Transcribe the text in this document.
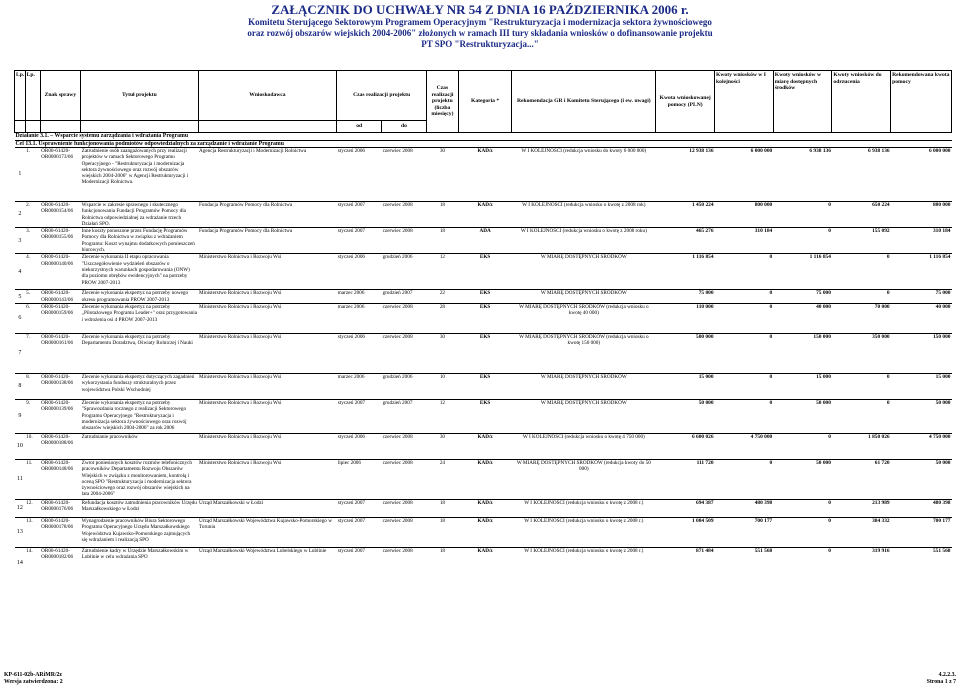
ZAŁĄCZNIK DO UCHWAŁY NR 54 Z DNIA 16 PAŹDZIERNIKA 2006 r.
Komitetu Sterującego Sektorowym Programem Operacyjnym "Restrukturyzacja i modernizacja sektora żywnościowego
oraz rozwój obszarów wiejskich 2004-2006" złożonych w ramach III tury składania wniosków o dofinansowanie projektu
PT SPO "Restrukturyzacja..."
Lp.	Lp.	Znak sprawy	Tytuł projektu	Wnioskodawca	Czas realizacji projektu		Czas realizacji projektu (liczba miesięcy)	Kategoria *	Rekomendacja GR i Komitetu Sterującego (i ew. uwagi)	Kwota wnioskowanej pomocy (PLN)	Kwoty wniosków w I kolejności	Kwoty wniosków w miarę dostępnych środków	Kwoty wniosków do odrzucenia	Rekomendowana kwota pomocy
					od	do								
Działanie 3.1. – Wsparcie systemu zarządzania i wdrażania Programu														
Cel 13.1. Usprawnienie funkcjonowania podmiotów odpowiedzialnych za zarządzanie i wdrażanie Programu														
1	1.	OR00-61420-OR0000173/06	Zatrudnienie osób zaangażowanych przy realizacji projektów w ramach Sektorowego Programu Operacyjnego - "Restrukturyzacja i modernizacja sektora żywnościowego oraz rozwój obszarów wiejskich 2004-2006" w Agencji Restrukturyzacji i Modernizacji Rolnictwa.	Agencja Restrukturyzacji i Modernizacji Rolnictwa	styczeń 2006	czerwiec 2008	30	KAD/z	W I KOLEJNOŚCI (redukcja wniosku do kwoty 6 000 000)	12 938 136	6 000 000	6 938 136	6 938 136	6 000 000
2	2.	OR00-61420-OR0000154/06	Wsparcie w zakresie sprawnego i skutecznego funkcjonowania Fundacji Programów Pomocy dla Rolnictwa odpowiedzialnej za wdrażanie trzech Działań SPO.	Fundacja Programów Pomocy dla Rolnictwa	styczeń 2007	czerwiec 2008	18	KAD/z	W I KOLEJNOŚCI (redukcja wniosku o kwotę z 2008 rok)	1 450 224	800 000	0	650 224	800 000
3	3.	OR00-61420-OR0000155/06	Inne koszty ponoszone przez Fundację Programów Pomocy dla Rolnictwa w związku z wdrażaniem Programu: Koszt wynajmu dodatkowych pomieszczeń biurowych.	Fundacja Programów Pomocy dla Rolnictwa	styczeń 2007	czerwiec 2008	18	ADA	W I KOLEJNOŚCI (redukcja wniosku o kwotę z 2008 roku)	465 276	310 184	0	155 092	310 184
4	4.	OR00-61420-OR0000140/06	Zlecenie wykonania II etapu opracowania "Uszczegółowienie wydzieleń obszarów o niekorzystnych warunkach gospodarowania (ONW) dla poziomu obrębów ewidencyjnych" na potrzeby PROW 2007-2013	Ministerstwo Rolnictwa i Rozwoju Wsi	styczeń 2006	grudzień 2006	12	EKS	W MIARĘ DOSTĘPNYCH ŚRODKÓW	1 116 854	0	1 116 854	0	1 116 854
5	5.	OR00-61420-OR0000143/06	Zlecenie wykonania ekspertyz na potrzeby nowego okresu programowania PROW 2007-2013	Ministerstwo Rolnictwa i Rozwoju Wsi	marzec 2006	grudzień 2007	22	EKS	W MIARĘ DOSTĘPNYCH ŚRODKÓW	75 000	0	75 000	0	75 000
6	6.	OR00-61420-OR0000159/06	Zlecenie wykonania ekspertyz na potrzeby „Pilotażowego Programu Leader+" oraz przygotowania i wdrożenia osi 4 PROW 2007-2013	Ministerstwo Rolnictwa i Rozwoju Wsi	marzec 2006	czerwiec 2008	28	EKS	W MIARĘ DOSTĘPNYCH ŚRODKÓW (redukcja wniosku o kwotę 40 000)	110 000	0	40 000	70 000	40 000
7	7.	OR00-61420-OR0000161/06	Zlecenie wykonania ekspertyz na potrzeby Departamentu Doradztwa, Oświaty Rolniczej i Nauki	Ministerstwo Rolnictwa i Rozwoju Wsi	styczeń 2006	czerwiec 2008	30	EKS	W MIARĘ DOSTĘPNYCH ŚRODKÓW (redukcja wniosku o kwotę 150 000)	500 000	0	150 000	350 000	150 000
8	8.	OR00-61420-OR0000138/06	Zlecenie wykonania ekspertyz dotyczących zagadnień wykorzystania funduszy strukturalnych przez województwa Polski Wschodniej	Ministerstwo Rolnictwa i Rozwoju Wsi	marzec 2006	grudzień 2006	10	EKS	W MIARĘ DOSTĘPNYCH ŚRODKÓW	15 000	0	15 000	0	15 000
9	9.	OR00-61420-OR0000139/06	Zlecenie wykonania ekspertyz na potrzeby "Sprawozdania rocznego z realizacji Sektorowego Programu Operacyjnego "Restrukturyzacja i modernizacja sektora żywnościowego oraz rozwój obszarów wiejskich 2004-2006" za rok 2006	Ministerstwo Rolnictwa i Rozwoju Wsi	styczeń 2007	grudzień 2007	12	EKS	W MIARĘ DOSTĘPNYCH ŚRODKÓW	50 000	0	50 000	0	50 000
10	10.	OR00-61420-OR0000188/06	Zatrudnianie pracowników	Ministerstwo Rolnictwa i Rozwoju Wsi	styczeń 2006	czerwiec 2008	30	KAD/z	W I KOLEJNOŚCI (redukcja wniosku o kwotę 4 750 000)	6 600 026	4 750 000	0	1 850 026	4 750 000
11	11.	OR00-61420-OR0000148/06	Zwrot poniesionych kosztów rozmów telefonicznych pracowników Departamentu Rozwoju Obszarów Wiejskich w związku z monitorowaniem, kontrolą i oceną SPO "Restrukturyzacja i modernizacja sektora żywnościowego oraz rozwój obszarów wiejskich na lata 2004-2006"	Ministerstwo Rolnictwa i Rozwoju Wsi	lipiec 2006	czerwiec 2008	24	KAD/z	W MIARĘ DOSTĘPNYCH ŚRODKÓW (redukcja kwoty do 50 000)	111 720	0	50 000	61 720	50 000
12	12.	OR00-61420-OR0000176/06	Refundacja kosztów zatrudnienia pracowników Urzędu Marszałkowskiego w Łodzi	Urząd Marszałkowski w Łodzi	styczeń 2007	czerwiec 2008	18	KAD/z	W I KOLEJNOŚCI (redukcja wniosku o kwotę z 2008 r.)	694 387	480 398	0	213 989	480 398
13	13.	OR00-61420-OR0000178/06	Wynagrodzenie pracowników Biura Sektorowego Programu Operacyjnego Urzędu Marszałkowskiego Województwa Kujawsko-Pomorskiego zajmujących się wdrażaniem i realizacją SPO	Urząd Marszałkowski Województwa Kujawsko-Pomorskiego w Toruniu	styczeń 2007	czerwiec 2008	18	KAD/z	W I KOLEJNOŚCI (redukcja wniosku o kwotę z 2008 r.)	1 084 509	700 177	0	384 332	700 177
14	14.	OR00-61420-OR0000182/06	Zatrudnienie kadry w Urzędzie Marszałkowskim w Lublinie w celu wdrażania SPO	Urząd Marszałkowski Województwa Lubelskiego w Lublinie	styczeń 2007	czerwiec 2008	18	KAD/z	W I KOLEJNOŚCI (redukcja wniosku o kwotę z 2008 r.)	871 484	551 568	0	319 916	551 568
KP-611-02b-ARiMR/2z
Wersja zatwierdzona: 2
4.2.2.3.
Strona 1 z 7
